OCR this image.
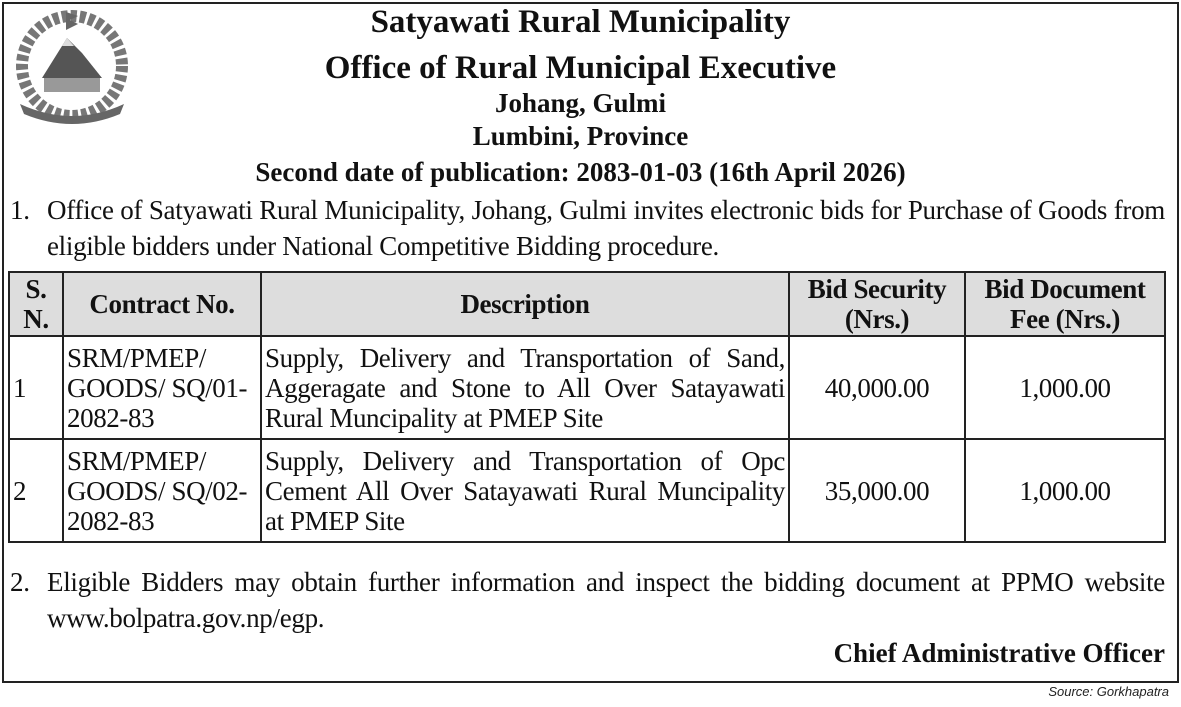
Satyawati Rural Municipality
Office of Rural Municipal Executive
Johang, Gulmi
Lumbini, Province
Second date of publication: 2083-01-03 (16th April 2026)
1. Office of Satyawati Rural Municipality, Johang, Gulmi invites electronic bids for Purchase of Goods from eligible bidders under National Competitive Bidding procedure.
S. N.	Contract No.	Description	Bid Security (Nrs.)	Bid Document Fee (Nrs.)
1	SRM/PMEP/ GOODS/ SQ/01-2082-83	Supply, Delivery and Transportation of Sand, Aggeragate and Stone to All Over Satayawati Rural Muncipality at PMEP Site	40,000.00	1,000.00
2	SRM/PMEP/ GOODS/ SQ/02-2082-83	Supply, Delivery and Transportation of Opc Cement All Over Satayawati Rural Muncipality at PMEP Site	35,000.00	1,000.00
2. Eligible Bidders may obtain further information and inspect the bidding document at PPMO website www.bolpatra.gov.np/egp.
Chief Administrative Officer
Source: Gorkhapatra
